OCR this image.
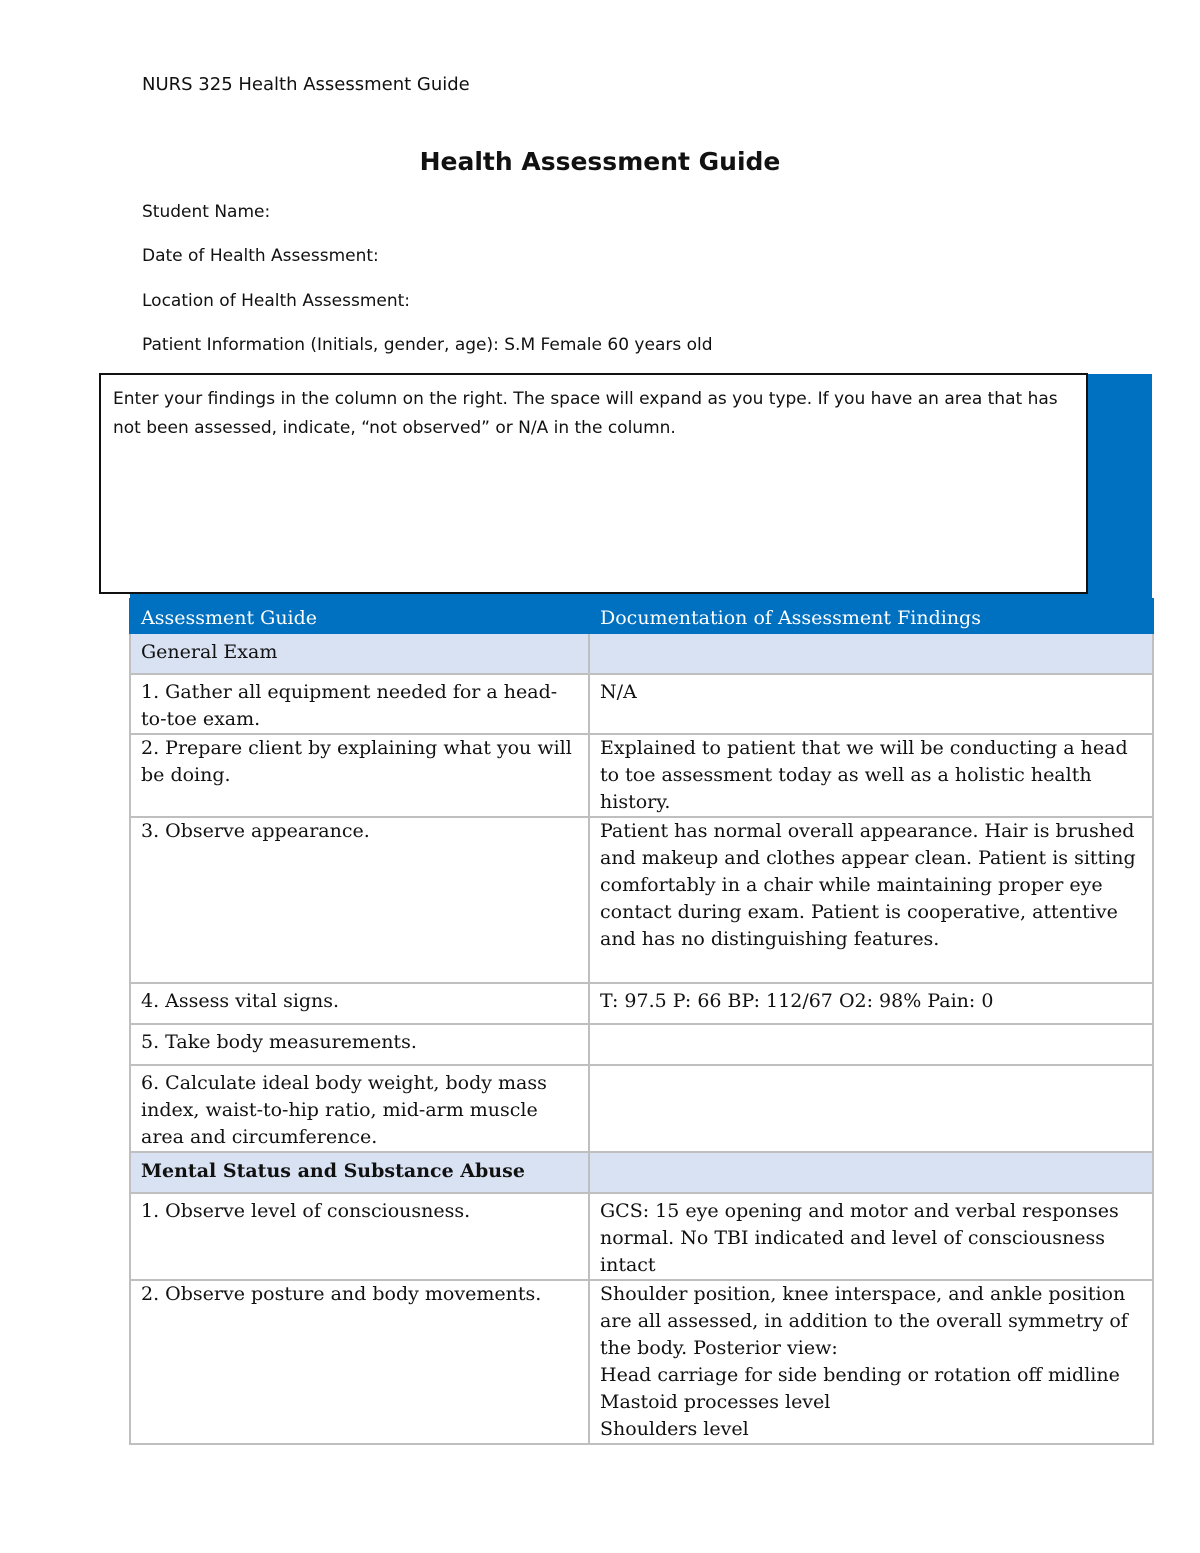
NURS 325 Health Assessment Guide
Health Assessment Guide
Student Name:
Date of Health Assessment:
Location of Health Assessment:
Patient Information (Initials, gender, age): S.M Female 60 years old

Enter your findings in the column on the right. The space will expand as you type. If you have an area that has not been assessed, indicate, “not observed” or N/A in the column.

Assessment Guide	Documentation of Assessment Findings
General Exam	
1. Gather all equipment needed for a head-to-toe exam.	N/A
2. Prepare client by explaining what you will be doing.	Explained to patient that we will be conducting a head to toe assessment today as well as a holistic health history.
3. Observe appearance.	Patient has normal overall appearance. Hair is brushed and makeup and clothes appear clean. Patient is sitting comfortably in a chair while maintaining proper eye contact during exam. Patient is cooperative, attentive and has no distinguishing features.
4. Assess vital signs.	T: 97.5 P: 66 BP: 112/67 O2: 98% Pain: 0
5. Take body measurements.	
6. Calculate ideal body weight, body mass index, waist-to-hip ratio, mid-arm muscle area and circumference.	
Mental Status and Substance Abuse	
1. Observe level of consciousness.	GCS: 15 eye opening and motor and verbal responses normal. No TBI indicated and level of consciousness intact
2. Observe posture and body movements.	Shoulder position, knee interspace, and ankle position are all assessed, in addition to the overall symmetry of the body. Posterior view:
Head carriage for side bending or rotation off midline
Mastoid processes level
Shoulders level
